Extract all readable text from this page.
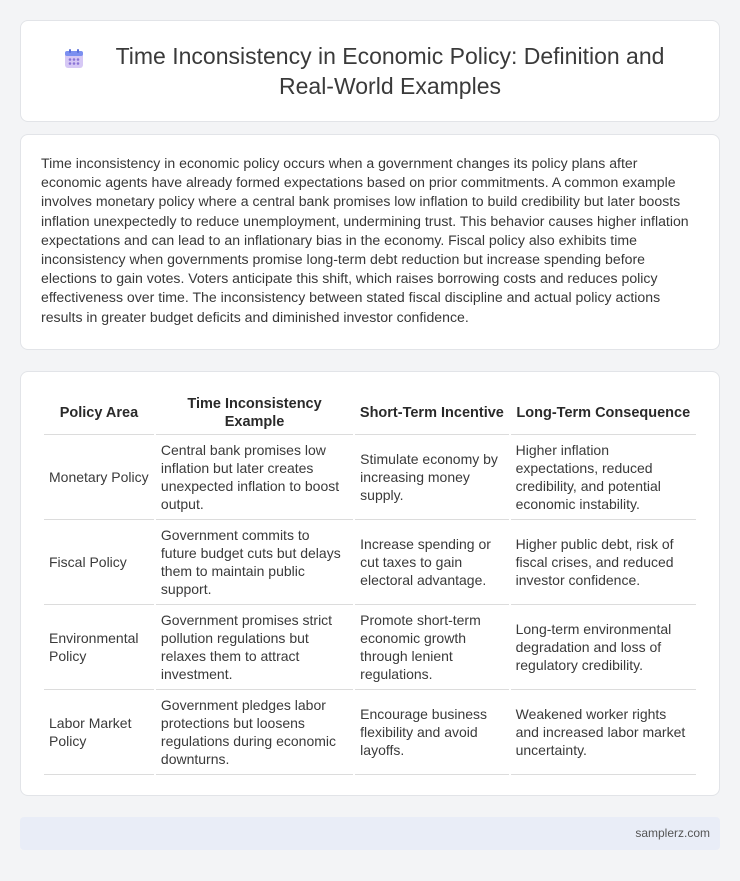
Time Inconsistency in Economic Policy: Definition and Real-World Examples

Time inconsistency in economic policy occurs when a government changes its policy plans after economic agents have already formed expectations based on prior commitments. A common example involves monetary policy where a central bank promises low inflation to build credibility but later boosts inflation unexpectedly to reduce unemployment, undermining trust. This behavior causes higher inflation expectations and can lead to an inflationary bias in the economy. Fiscal policy also exhibits time inconsistency when governments promise long-term debt reduction but increase spending before elections to gain votes. Voters anticipate this shift, which raises borrowing costs and reduces policy effectiveness over time. The inconsistency between stated fiscal discipline and actual policy actions results in greater budget deficits and diminished investor confidence.

Policy Area	Time Inconsistency Example	Short-Term Incentive	Long-Term Consequence
Monetary Policy	Central bank promises low inflation but later creates unexpected inflation to boost output.	Stimulate economy by increasing money supply.	Higher inflation expectations, reduced credibility, and potential economic instability.
Fiscal Policy	Government commits to future budget cuts but delays them to maintain public support.	Increase spending or cut taxes to gain electoral advantage.	Higher public debt, risk of fiscal crises, and reduced investor confidence.
Environmental Policy	Government promises strict pollution regulations but relaxes them to attract investment.	Promote short-term economic growth through lenient regulations.	Long-term environmental degradation and loss of regulatory credibility.
Labor Market Policy	Government pledges labor protections but loosens regulations during economic downturns.	Encourage business flexibility and avoid layoffs.	Weakened worker rights and increased labor market uncertainty.
samplerz.com
